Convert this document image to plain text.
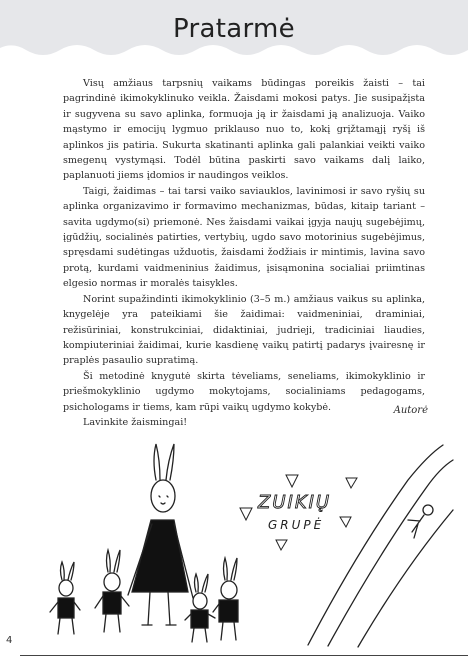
Pratarmė

Visų amžiaus tarpsnių vaikams būdingas poreikis žaisti – tai pagrindinė ikimokyklinuko veikla. Žaisdami mokosi patys. Jie susipažįsta ir sugyvena su savo aplinka, formuoja ją ir žaisdami ją analizuoja. Vaiko mąstymo ir emocijų lygmuo priklauso nuo to, kokį grįžtamąjį ryšį iš aplinkos jis patiria. Sukurta skatinanti aplinka gali palankiai veikti vaiko smegenų vystymąsi. Todėl būtina paskirti savo vaikams dalį laiko, paplanuoti jiems įdomios ir naudingos veiklos.

Taigi, žaidimas – tai tarsi vaiko saviauklos, lavinimosi ir savo ryšių su aplinka organizavimo ir formavimo mechanizmas, būdas, kitaip tariant – savita ugdymo(si) priemonė. Nes žaisdami vaikai įgyja naujų sugebėjimų, įgūdžių, socialinės patirties, vertybių, ugdo savo motorinius sugebėjimus, spręsdami sudėtingas užduotis, žaisdami žodžiais ir mintimis, lavina savo protą, kurdami vaidmeninius žaidimus, įsisąmonina socialiai priimtinas elgesio normas ir moralės taisykles.

Norint supažindinti ikimokyklinio (3–5 m.) amžiaus vaikus su aplinka, knygelėje yra pateikiami šie žaidimai: vaidmeniniai, draminiai, režisūriniai, konstrukciniai, didaktiniai, judrieji, tradiciniai liaudies, kompiuteriniai žaidimai, kurie kasdienę vaikų patirtį padarys įvairesnę ir praplės pasaulio supratimą.

Ši metodinė knygutė skirta tėveliams, seneliams, ikimokyklinio ir priešmokyklinio ugdymo mokytojams, socialiniams pedagogams, psichologams ir tiems, kam rūpi vaikų ugdymo kokybė.

Lavinkite žaismingai!

Autorė
ZUIKIŲ
GRUPĖ
4
